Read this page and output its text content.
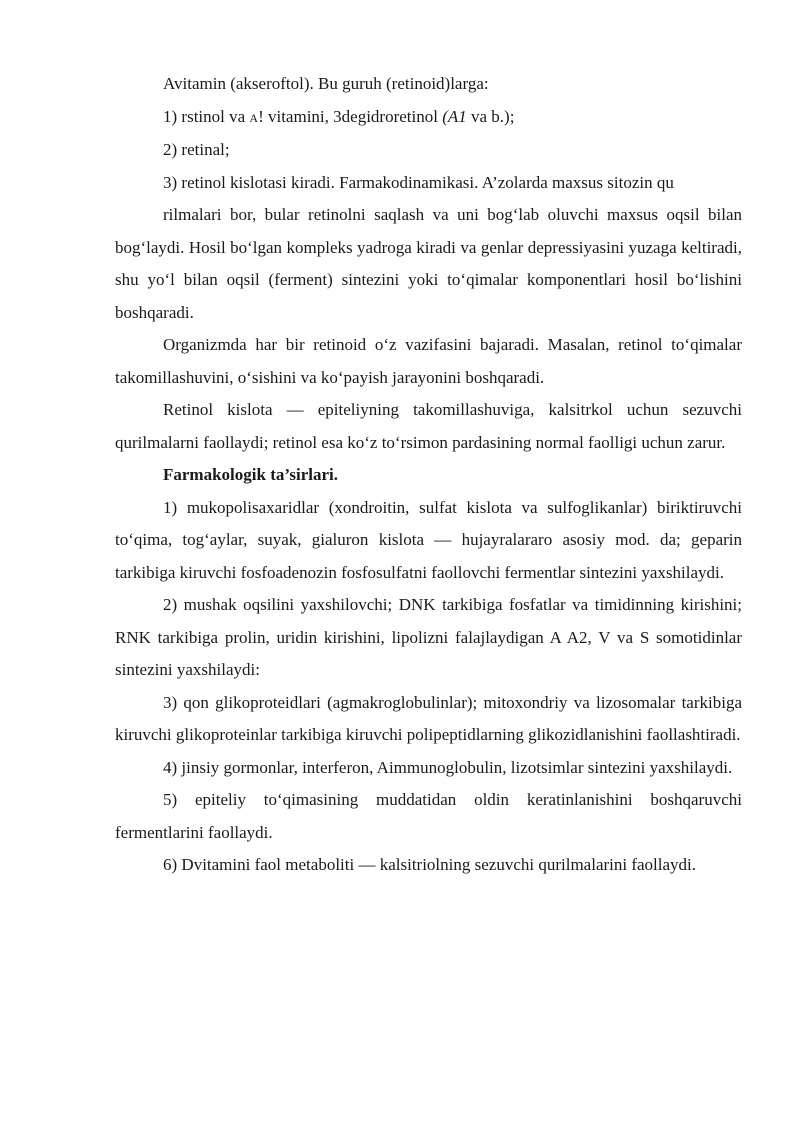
Avitamin (akseroftol). Bu guruh (retinoid)larga:

1) rstinol va A! vitamini, 3degidroretinol (A1 va b.);

2) retinal;

3) retinol kislotasi kiradi. Farmakodinamikasi. A’zolarda maxsus sitozin qu

rilmalari bor, bular retinolni saqlash va uni bog‘lab oluvchi maxsus oqsil bilan bog‘laydi. Hosil bo‘lgan kompleks yadroga kiradi va genlar depressiyasini yuzaga keltiradi, shu yo‘l bilan oqsil (ferment) sintezini yoki to‘qimalar komponentlari hosil bo‘lishini boshqaradi.

Organizmda har bir retinoid o‘z vazifasini bajaradi. Masalan, retinol to‘qimalar takomillashuvini, o‘sishini va ko‘payish jarayonini boshqaradi.

Retinol kislota — epiteliyning takomillashuviga, kalsitrkol uchun sezuvchi qurilmalarni faollaydi; retinol esa ko‘z to‘rsimon pardasining normal faolligi uchun zarur.

Farmakologik ta’sirlari.

1) mukopolisaxaridlar (xondroitin, sulfat kislota va sulfoglikanlar) biriktiruvchi to‘qima, tog‘aylar, suyak, gialuron kislota — hujayralararo asosiy mod. da; geparin tarkibiga kiruvchi fosfoadenozin fosfosulfatni faollovchi fermentlar sintezini yaxshilaydi.

2) mushak oqsilini yaxshilovchi; DNK tarkibiga fosfatlar va timidinning kirishini; RNK tarkibiga prolin, uridin kirishini, lipolizni falajlaydigan A A2, V va S somotidinlar sintezini yaxshilaydi:

3) qon glikoproteidlari (agmakroglobulinlar); mitoxondriy va lizosomalar tarkibiga kiruvchi glikoproteinlar tarkibiga kiruvchi polipeptidlarning glikozidlanishini faollashtiradi.

4) jinsiy gormonlar, interferon, Aimmunoglobulin, lizotsimlar sintezini yaxshilaydi.

5) epiteliy to‘qimasining muddatidan oldin keratinlanishini boshqaruvchi fermentlarini faollaydi.

6) Dvitamini faol metaboliti — kalsitriolning sezuvchi qurilmalarini faollaydi.
